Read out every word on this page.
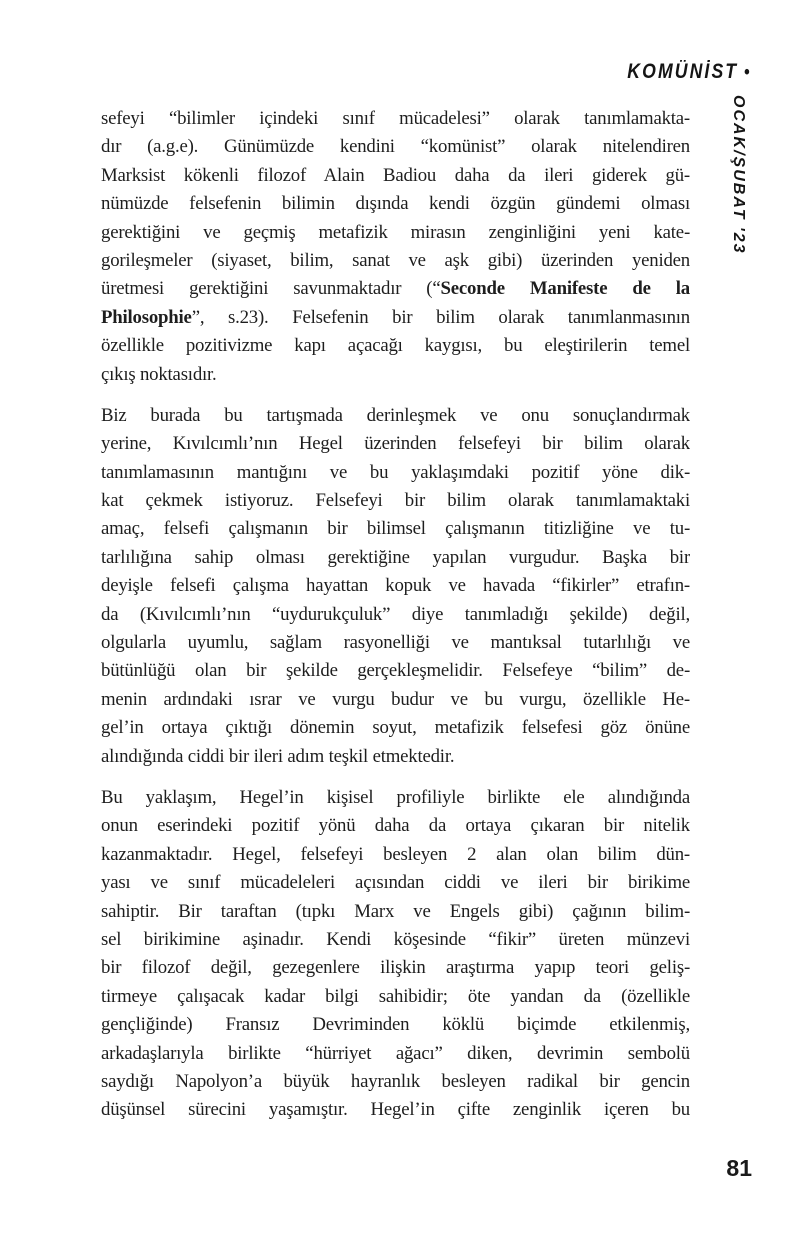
KOMÜNİST •
OCAK/ŞUBAT '23
sefeyi “bilimler içindeki sınıf mücadelesi” olarak tanımlamakta-
dır (a.g.e). Günümüzde kendini “komünist” olarak nitelendiren
Marksist kökenli filozof Alain Badiou daha da ileri giderek gü-
nümüzde felsefenin bilimin dışında kendi özgün gündemi olması
gerektiğini ve geçmiş metafizik mirasın zenginliğini yeni kate-
gorileşmeler (siyaset, bilim, sanat ve aşk gibi) üzerinden yeniden
üretmesi gerektiğini savunmaktadır (“Seconde Manifeste de la
Philosophie”, s.23). Felsefenin bir bilim olarak tanımlanmasının
özellikle pozitivizme kapı açacağı kaygısı, bu eleştirilerin temel
çıkış noktasıdır.
Biz burada bu tartışmada derinleşmek ve onu sonuçlandırmak
yerine, Kıvılcımlı’nın Hegel üzerinden felsefeyi bir bilim olarak
tanımlamasının mantığını ve bu yaklaşımdaki pozitif yöne dik-
kat çekmek istiyoruz. Felsefeyi bir bilim olarak tanımlamaktaki
amaç, felsefi çalışmanın bir bilimsel çalışmanın titizliğine ve tu-
tarlılığına sahip olması gerektiğine yapılan vurgudur. Başka bir
deyişle felsefi çalışma hayattan kopuk ve havada “fikirler” etrafın-
da (Kıvılcımlı’nın “uydurukçuluk” diye tanımladığı şekilde) değil,
olgularla uyumlu, sağlam rasyonelliği ve mantıksal tutarlılığı ve
bütünlüğü olan bir şekilde gerçekleşmelidir. Felsefeye “bilim” de-
menin ardındaki ısrar ve vurgu budur ve bu vurgu, özellikle He-
gel’in ortaya çıktığı dönemin soyut, metafizik felsefesi göz önüne
alındığında ciddi bir ileri adım teşkil etmektedir.
Bu yaklaşım, Hegel’in kişisel profiliyle birlikte ele alındığında
onun eserindeki pozitif yönü daha da ortaya çıkaran bir nitelik
kazanmaktadır. Hegel, felsefeyi besleyen 2 alan olan bilim dün-
yası ve sınıf mücadeleleri açısından ciddi ve ileri bir birikime
sahiptir. Bir taraftan (tıpkı Marx ve Engels gibi) çağının bilim-
sel birikimine aşinadır. Kendi köşesinde “fikir” üreten münzevi
bir filozof değil, gezegenlere ilişkin araştırma yapıp teori geliş-
tirmeye çalışacak kadar bilgi sahibidir; öte yandan da (özellikle
gençliğinde) Fransız Devriminden köklü biçimde etkilenmiş,
arkadaşlarıyla birlikte “hürriyet ağacı” diken, devrimin sembolü
saydığı Napolyon’a büyük hayranlık besleyen radikal bir gencin
düşünsel sürecini yaşamıştır. Hegel’in çifte zenginlik içeren bu
81
